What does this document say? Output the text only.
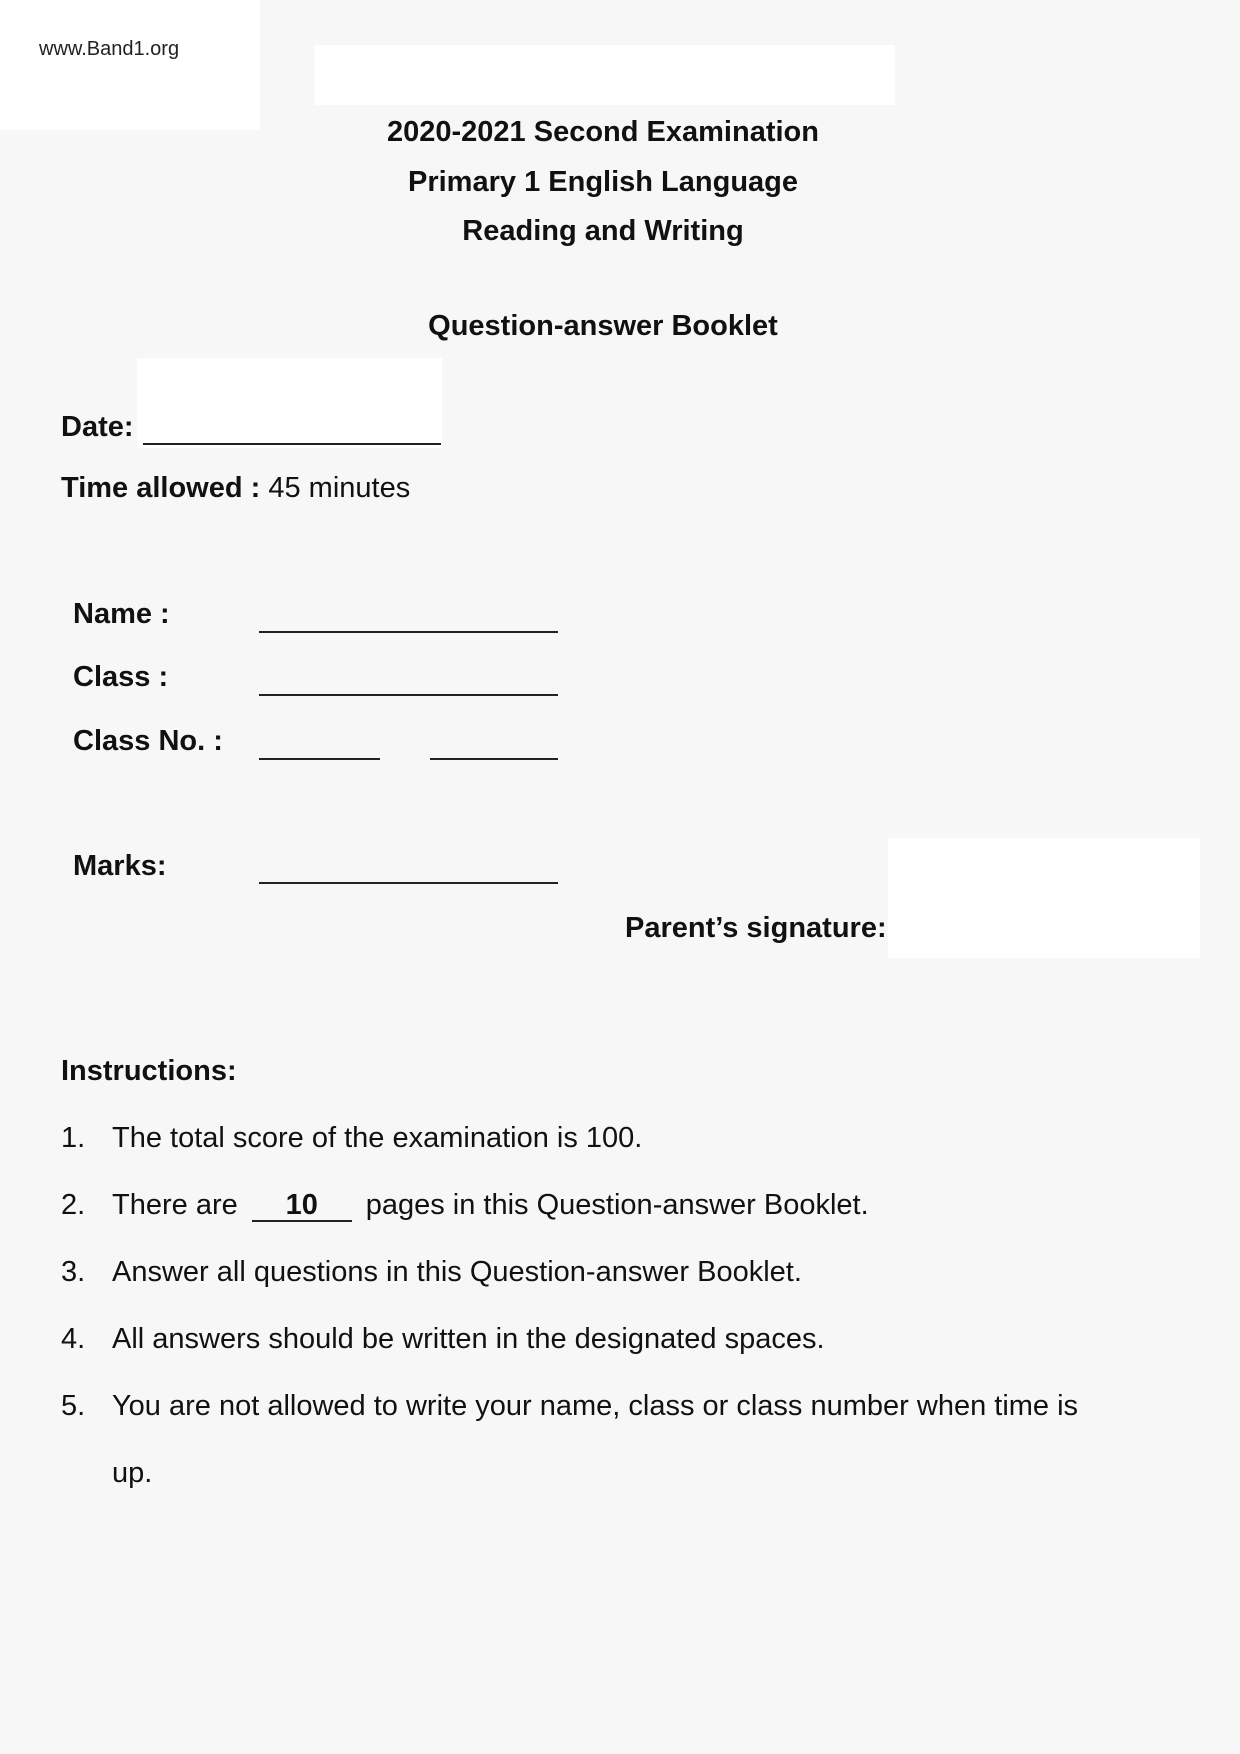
www.Band1.org
2020-2021 Second Examination
Primary 1 English Language
Reading and Writing
Question-answer Booklet
Date:
Time allowed : 45 minutes
Name :
Class :
Class No. :
Marks:
Parent’s signature:
Instructions:
1. The total score of the examination is 100.
2. There are 10 pages in this Question-answer Booklet.
3. Answer all questions in this Question-answer Booklet.
4. All answers should be written in the designated spaces.
5. You are not allowed to write your name, class or class number when time is
up.
